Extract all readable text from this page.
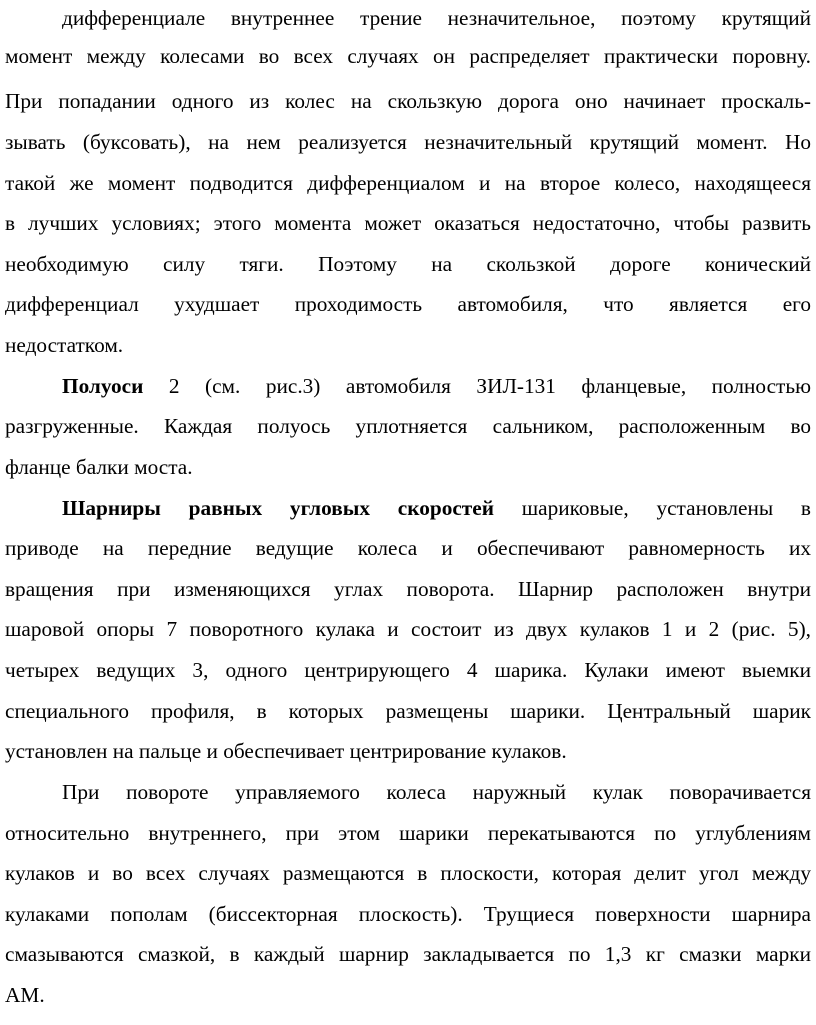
дифференциале внутреннее трение незначительное, поэтому крутящий
момент между колесами во всех случаях он распределяет практически поровну.
При попадании одного из колес на скользкую дорога оно начинает проскаль-
зывать (буксовать), на нем реализуется незначительный крутящий момент. Но
такой же момент подводится дифференциалом и на второе колесо, находящееся
в лучших условиях; этого момента может оказаться недостаточно, чтобы развить
необходимую силу тяги. Поэтому на скользкой дороге конический
дифференциал ухудшает проходимость автомобиля, что является его
недостатком.
Полуоси 2 (см. рис.3) автомобиля ЗИЛ-131 фланцевые, полностью
разгруженные. Каждая полуось уплотняется сальником, расположенным во
фланце балки моста.
Шарниры равных угловых скоростей шариковые, установлены в
приводе на передние ведущие колеса и обеспечивают равномерность их
вращения при изменяющихся углах поворота. Шарнир расположен внутри
шаровой опоры 7 поворотного кулака и состоит из двух кулаков 1 и 2 (рис. 5),
четырех ведущих 3, одного центрирующего 4 шарика. Кулаки имеют выемки
специального профиля, в которых размещены шарики. Центральный шарик
установлен на пальце и обеспечивает центрирование кулаков.
При повороте управляемого колеса наружный кулак поворачивается
относительно внутреннего, при этом шарики перекатываются по углублениям
кулаков и во всех случаях размещаются в плоскости, которая делит угол между
кулаками пополам (биссекторная плоскость). Трущиеся поверхности шарнира
смазываются смазкой, в каждый шарнир закладывается по 1,3 кг смазки марки
АМ.
